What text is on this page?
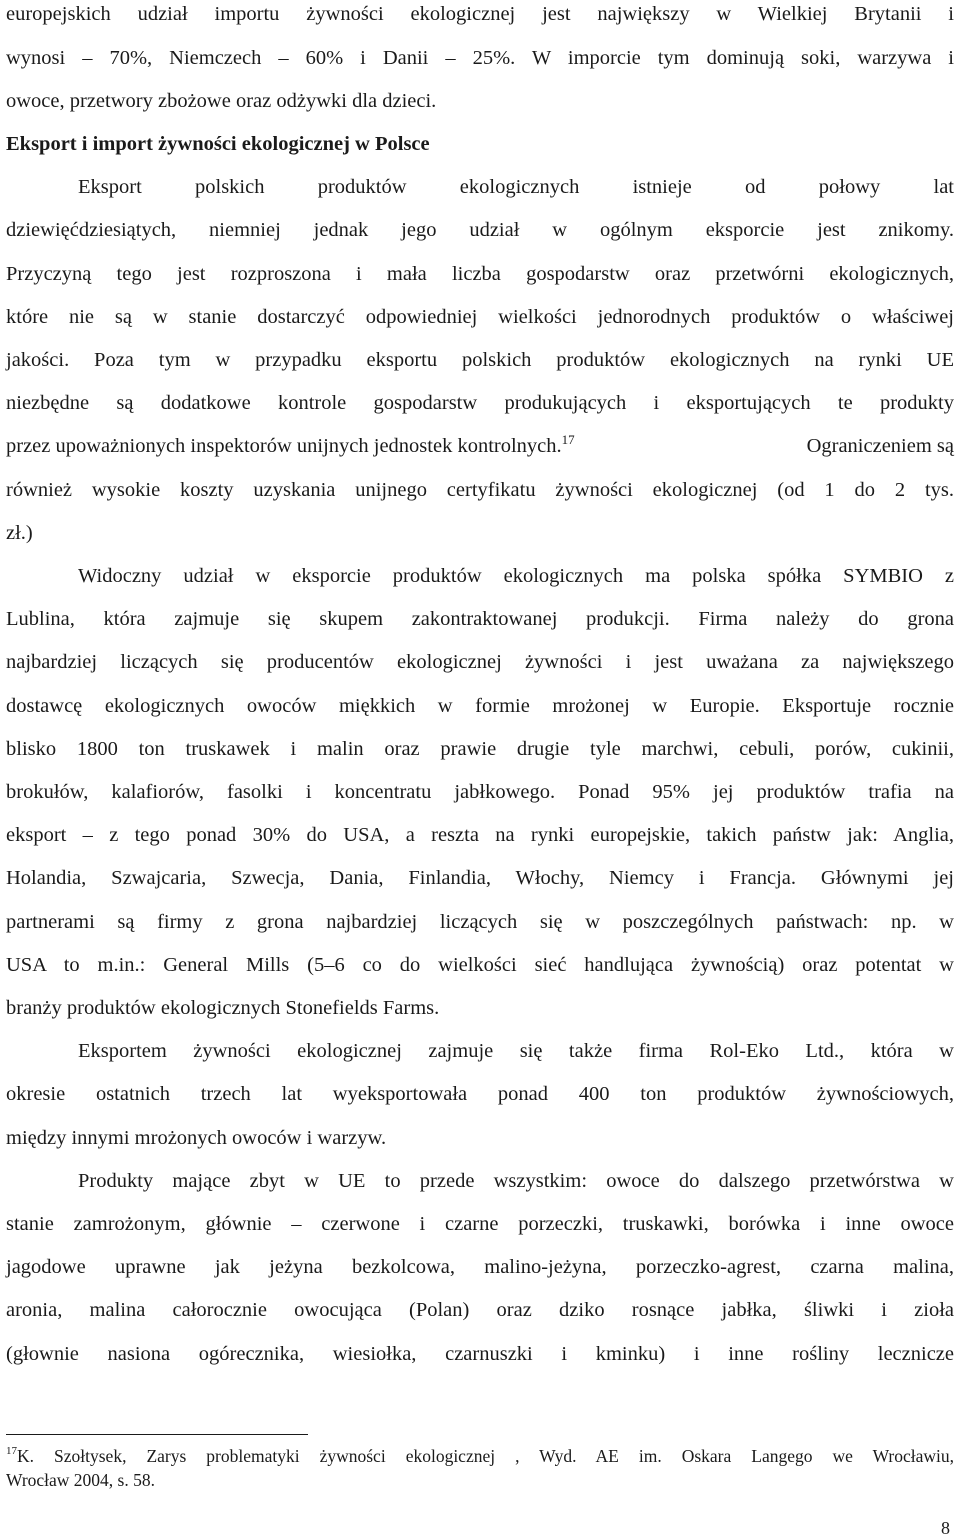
europejskich udział importu żywności ekologicznej jest największy w Wielkiej Brytanii i
wynosi – 70%, Niemczech – 60% i Danii – 25%. W imporcie tym dominują soki, warzywa i
owoce, przetwory zbożowe oraz odżywki dla dzieci.
Eksport i import żywności ekologicznej w Polsce
Eksport polskich produktów ekologicznych istnieje od połowy lat
dziewięćdziesiątych, niemniej jednak jego udział w ogólnym eksporcie jest znikomy.
Przyczyną tego jest rozproszona i mała liczba gospodarstw oraz przetwórni ekologicznych,
które nie są w stanie dostarczyć odpowiedniej wielkości jednorodnych produktów o właściwej
jakości. Poza tym w przypadku eksportu polskich produktów ekologicznych na rynki UE
niezbędne są dodatkowe kontrole gospodarstw produkujących i eksportujących te produkty
przez upoważnionych inspektorów unijnych jednostek kontrolnych.$^{17}$	Ograniczeniem są
również wysokie koszty uzyskania unijnego certyfikatu żywności ekologicznej (od 1 do 2 tys.
zł.)
Widoczny udział w eksporcie produktów ekologicznych ma polska spółka SYMBIO z
Lublina, która zajmuje się skupem zakontraktowanej produkcji. Firma należy do grona
najbardziej liczących się producentów ekologicznej żywności i jest uważana za największego
dostawcę ekologicznych owoców miękkich w formie mrożonej w Europie. Eksportuje rocznie
blisko 1800 ton truskawek i malin oraz prawie drugie tyle marchwi, cebuli, porów, cukinii,
brokułów, kalafiorów, fasolki i koncentratu jabłkowego. Ponad 95% jej produktów trafia na
eksport – z tego ponad 30% do USA, a reszta na rynki europejskie, takich państw jak: Anglia,
Holandia, Szwajcaria, Szwecja, Dania, Finlandia, Włochy, Niemcy i Francja. Głównymi jej
partnerami są firmy z grona najbardziej liczących się w poszczególnych państwach: np. w
USA to m.in.: General Mills (5–6 co do wielkości sieć handlująca żywnością) oraz potentat w
branży produktów ekologicznych Stonefields Farms.
Eksportem żywności ekologicznej zajmuje się także firma Rol-Eko Ltd., która w
okresie ostatnich trzech lat wyeksportowała ponad 400 ton produktów żywnościowych,
między innymi mrożonych owoców i warzyw.
Produkty mające zbyt w UE to przede wszystkim: owoce do dalszego przetwórstwa w
stanie zamrożonym, głównie – czerwone i czarne porzeczki, truskawki, borówka i inne owoce
jagodowe uprawne jak jeżyna bezkolcowa, malino-jeżyna, porzeczko-agrest, czarna malina,
aronia, malina całorocznie owocująca (Polan) oraz dziko rosnące jabłka, śliwki i zioła
(głownie nasiona ogórecznika, wiesiołka, czarnuszki i kminku) i inne rośliny lecznicze
$^{17}$K. Szołtysek, Zarys problematyki żywności ekologicznej , Wyd. AE im. Oskara Langego we Wrocławiu,
Wrocław 2004, s. 58.
8
